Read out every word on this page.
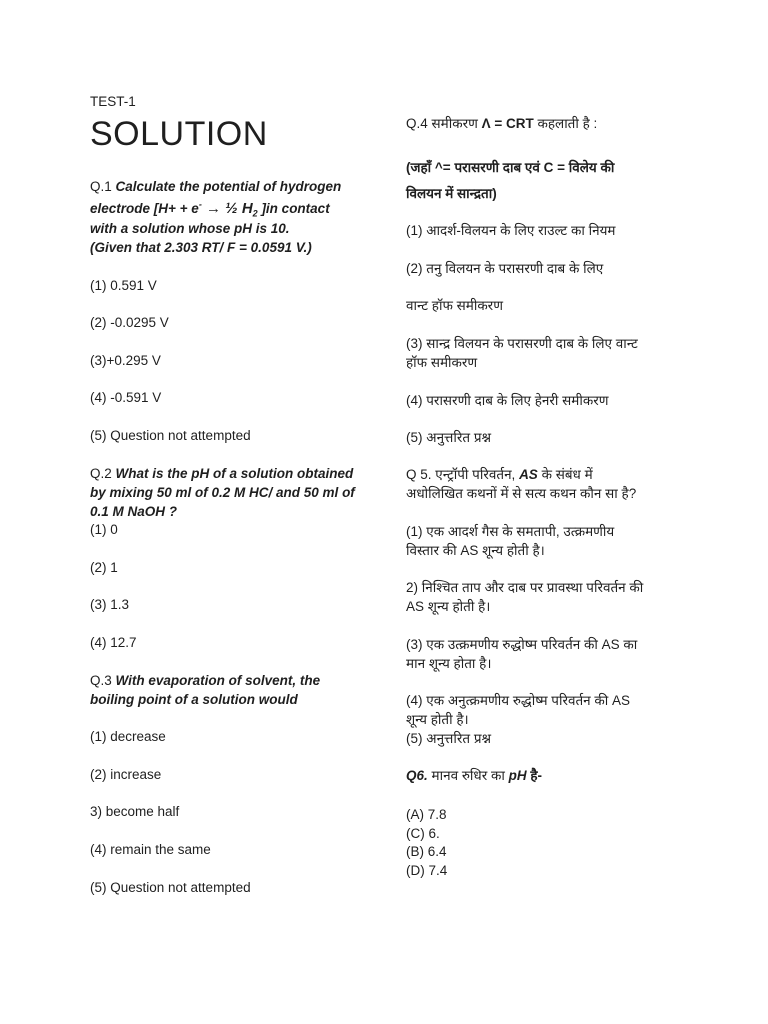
TEST-1
SOLUTION
Q.1 Calculate the potential of hydrogen
electrode [H+ + e- → ½ $H_2$ ]in contact
with a solution whose pH is 10.
(Given that 2.303 RT/ F = 0.0591 V.)
(1) 0.591 V
(2) -0.0295 V
(3)+0.295 V
(4) -0.591 V
(5) Question not attempted
Q.2 What is the pH of a solution obtained
by mixing 50 ml of 0.2 M HC/ and 50 ml of
0.1 M NaOH ?
(1) 0
(2) 1
(3) 1.3
(4) 12.7
Q.3 With evaporation of solvent, the
boiling point of a solution would
(1) decrease
(2) increase
3) become half
(4) remain the same
(5) Question not attempted
Q.4 समीकरण Λ = CRT कहलाती है :
(जहाँ ^= परासरणी दाब एवं C = विलेय की
विलयन में सान्द्रता)
(1) आदर्श-विलयन के लिए राउल्ट का नियम
(2) तनु विलयन के परासरणी दाब के लिए
वान्ट हॉफ समीकरण
(3) सान्द्र विलयन के परासरणी दाब के लिए वान्ट
हॉफ समीकरण
(4) परासरणी दाब के लिए हेनरी समीकरण
(5) अनुत्तरित प्रश्न
Q 5. एन्ट्रॉपी परिवर्तन, AS के संबंध में
अधोलिखित कथनों में से सत्य कथन कौन सा है?
(1) एक आदर्श गैस के समतापी, उत्क्रमणीय
विस्तार की AS शून्य होती है।
2) निश्चित ताप और दाब पर प्रावस्था परिवर्तन की
AS शून्य होती है।
(3) एक उत्क्रमणीय रुद्धोष्म परिवर्तन की AS का
मान शून्य होता है।
(4) एक अनुत्क्रमणीय रुद्धोष्म परिवर्तन की AS
शून्य होती है।
(5) अनुत्तरित प्रश्न
Q6. मानव रुधिर का pH है-
(A) 7.8
(C) 6.
(B) 6.4
(D) 7.4
